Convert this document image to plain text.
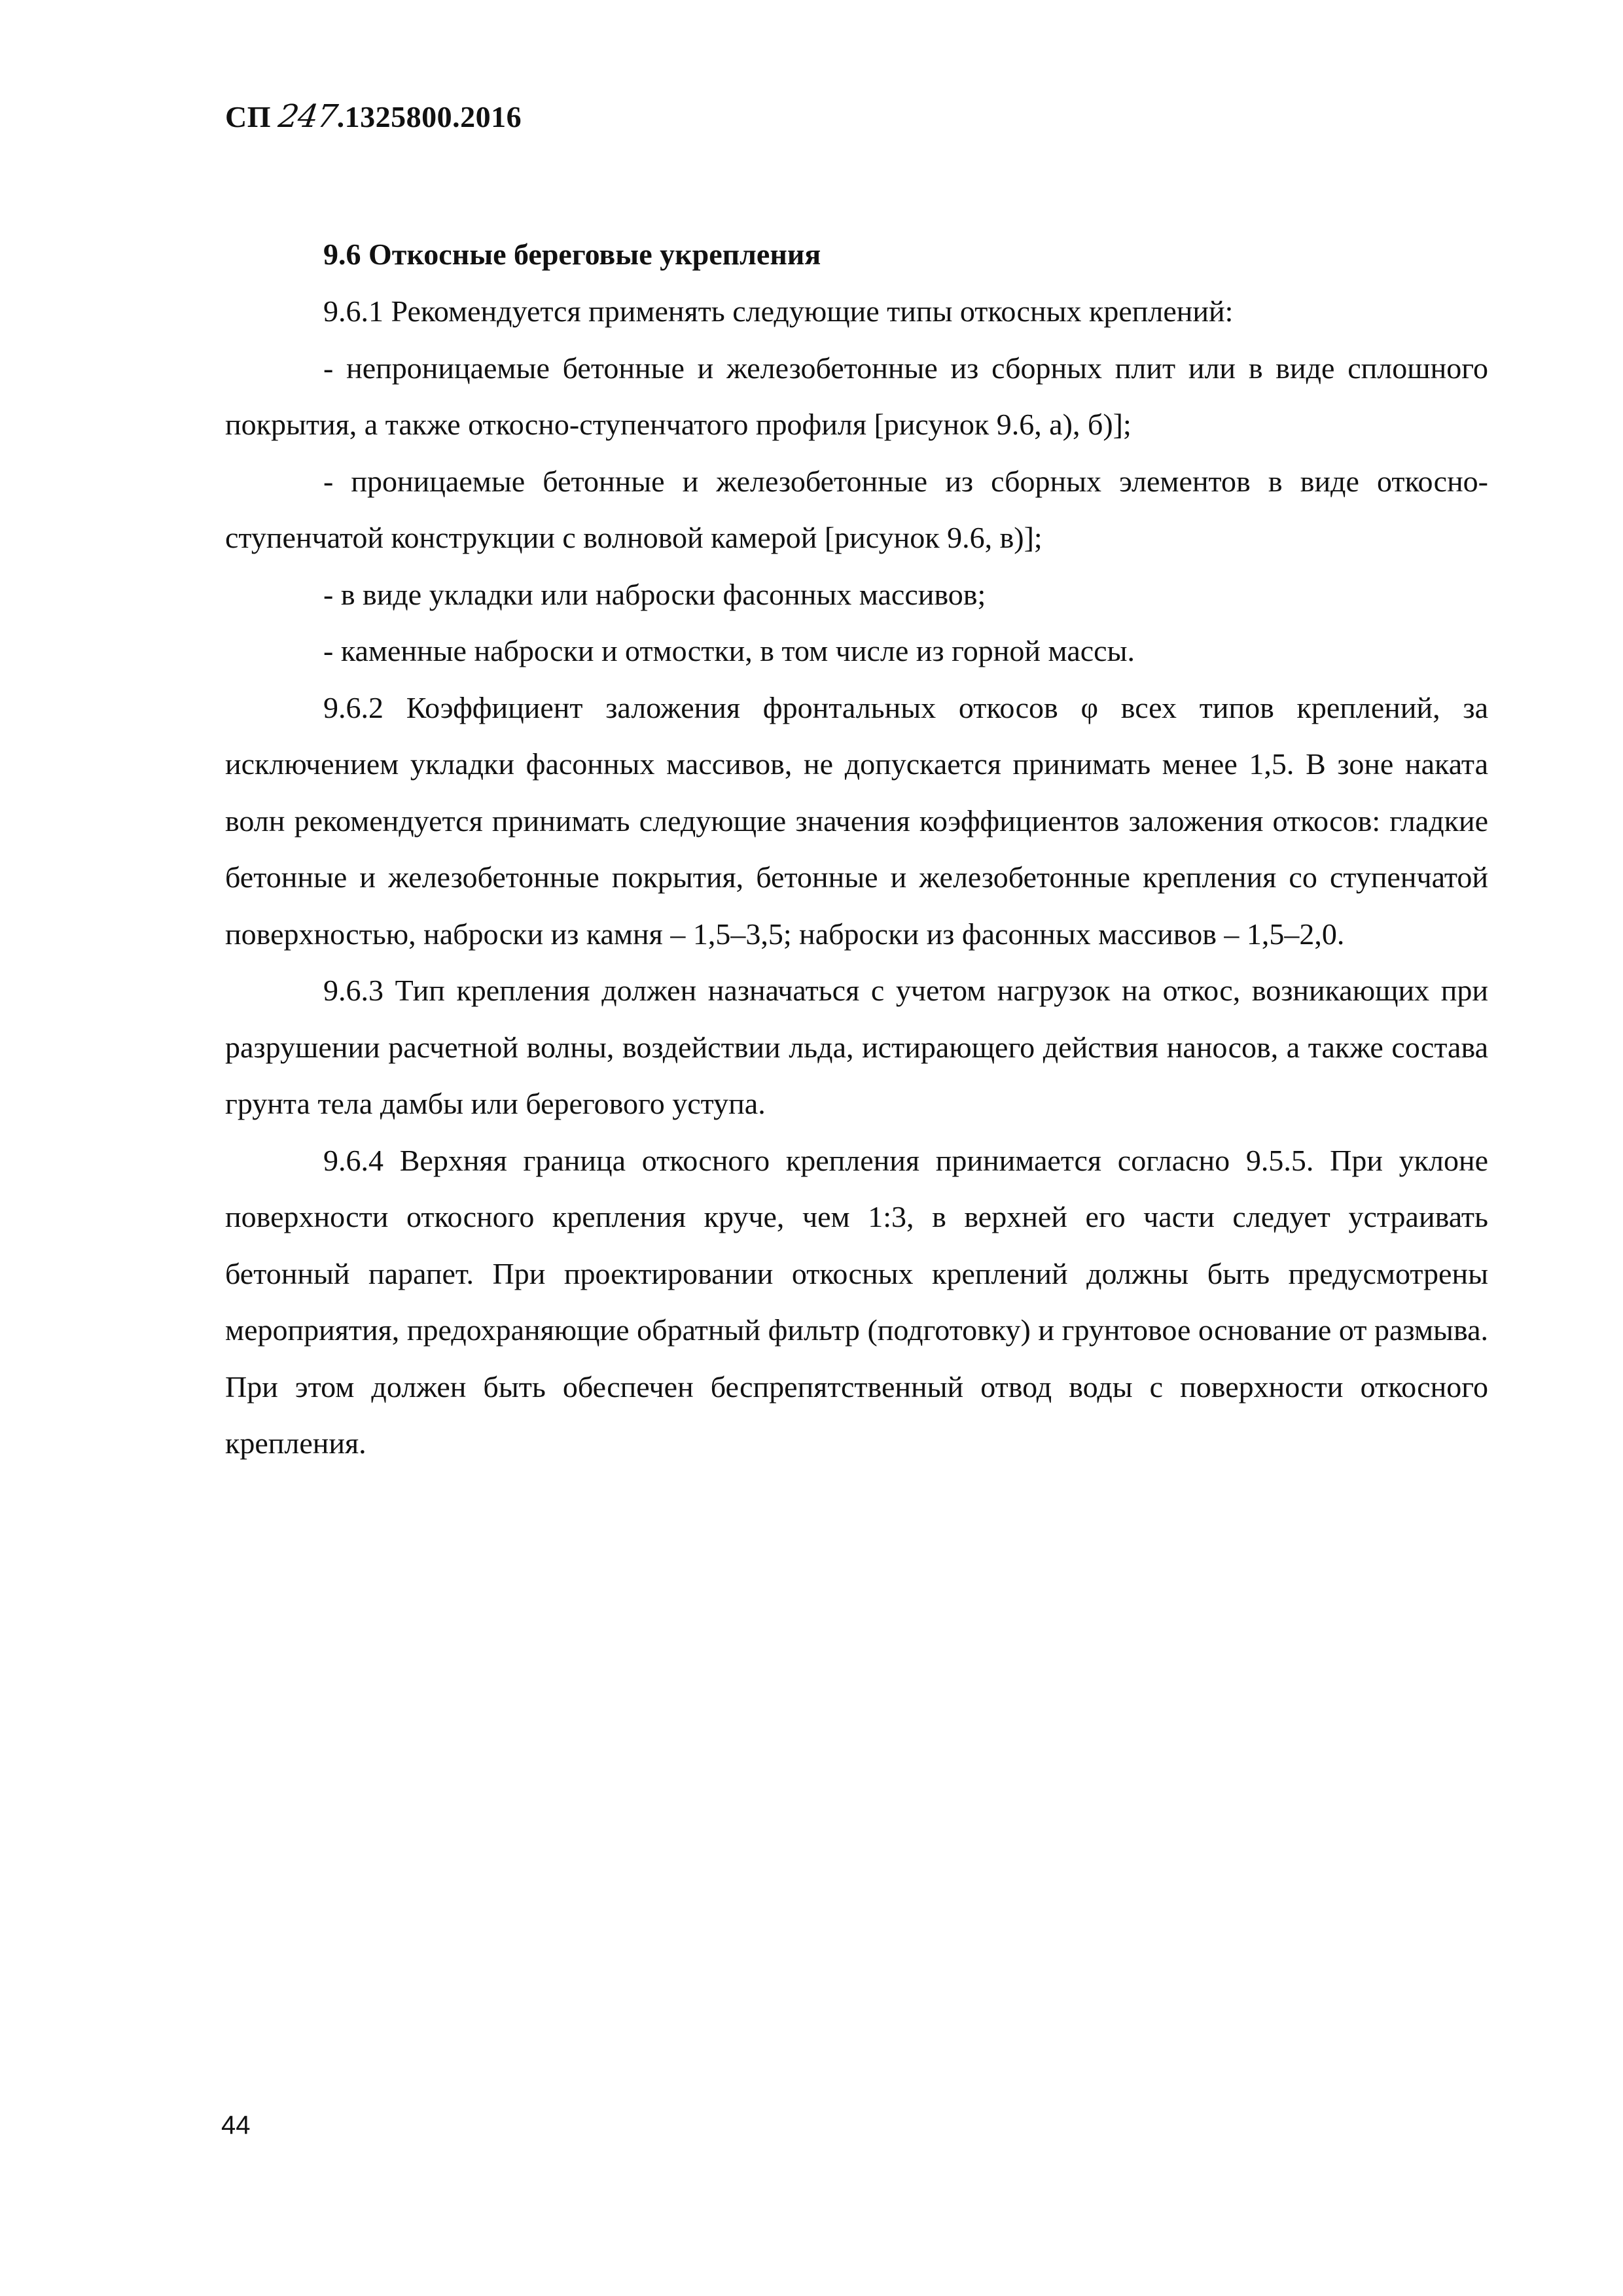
СП 247.1325800.2016
9.6 Откосные береговые укрепления

9.6.1 Рекомендуется применять следующие типы откосных креплений:

- непроницаемые бетонные и железобетонные из сборных плит или в виде сплошного покрытия, а также откосно-ступенчатого профиля [рисунок 9.6, а), б)];

- проницаемые бетонные и железобетонные из сборных элементов в виде откосно-ступенчатой конструкции с волновой камерой [рисунок 9.6, в)];

- в виде укладки или наброски фасонных массивов;

- каменные наброски и отмостки, в том числе из горной массы.

9.6.2 Коэффициент заложения фронтальных откосов φ всех типов креплений, за исключением укладки фасонных массивов, не допускается принимать менее 1,5. В зоне наката волн рекомендуется принимать следующие значения коэффициентов заложения откосов: гладкие бетонные и железобетонные покрытия, бетонные и железобетонные крепления со ступенчатой поверхностью, наброски из камня – 1,5–3,5; наброски из фасонных массивов – 1,5–2,0.

9.6.3 Тип крепления должен назначаться с учетом нагрузок на откос, возникающих при разрушении расчетной волны, воздействии льда, истирающего действия наносов, а также состава грунта тела дамбы или берегового уступа.

9.6.4 Верхняя граница откосного крепления принимается согласно 9.5.5. При уклоне поверхности откосного крепления круче, чем 1:3, в верхней его части следует устраивать бетонный парапет. При проектировании откосных креплений должны быть предусмотрены мероприятия, предохраняющие обратный фильтр (подготовку) и грунтовое основание от размыва. При этом должен быть обеспечен беспрепятственный отвод воды с поверхности откосного крепления.

44
